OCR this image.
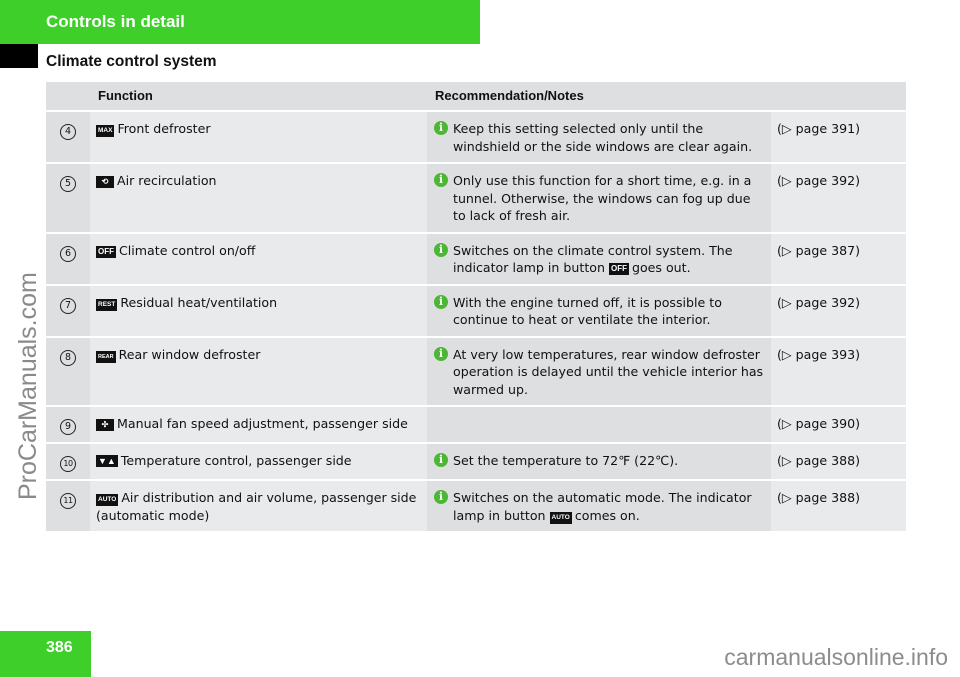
Controls in detail
Climate control system
ProCarManuals.com
	Function	Recommendation/Notes	
4	MAX Front defroster	i Keep this setting selected only until the windshield or the side windows are clear again.	(▷ page 391)
5	⟲ Air recirculation	i Only use this function for a short time, e.g. in a tunnel. Otherwise, the windows can fog up due to lack of fresh air.	(▷ page 392)
6	OFF Climate control on/off	i Switches on the climate control system. The indicator lamp in button OFF goes out.	(▷ page 387)
7	REST Residual heat/ventilation	i With the engine turned off, it is possible to continue to heat or ventilate the interior.	(▷ page 392)
8	REAR Rear window defroster	i At very low temperatures, rear window defroster operation is delayed until the vehicle interior has warmed up.	(▷ page 393)
9	✣ Manual fan speed adjustment, passenger side		(▷ page 390)
10	▼▲ Temperature control, passenger side	i Set the temperature to 72℉ (22℃).	(▷ page 388)
11	AUTO Air distribution and air volume, passenger side (automatic mode)	i Switches on the automatic mode. The indicator lamp in button AUTO comes on.	(▷ page 388)
386	carmanualsonline.info
